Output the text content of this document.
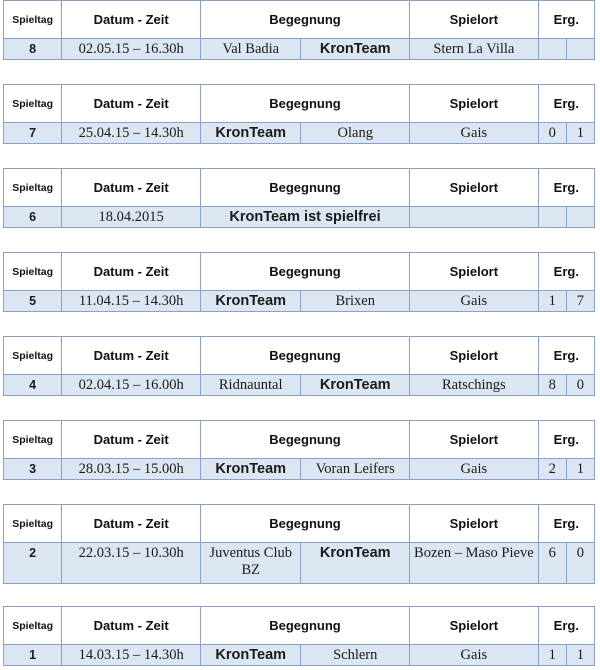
Spieltag	Datum - Zeit	Begegnung		Spielort	Erg.	
8	02.05.15 – 16.30h	Val Badia	KronTeam	Stern La Villa		
Spieltag	Datum - Zeit	Begegnung		Spielort	Erg.	
7	25.04.15 – 14.30h	KronTeam	Olang	Gais	0	1
Spieltag	Datum - Zeit	Begegnung	Spielort	Erg.	
6	18.04.2015	KronTeam ist spielfrei			
Spieltag	Datum - Zeit	Begegnung		Spielort	Erg.	
5	11.04.15 – 14.30h	KronTeam	Brixen	Gais	1	7
Spieltag	Datum - Zeit	Begegnung		Spielort	Erg.	
4	02.04.15 – 16.00h	Ridnauntal	KronTeam	Ratschings	8	0
Spieltag	Datum - Zeit	Begegnung		Spielort	Erg.	
3	28.03.15 – 15.00h	KronTeam	Voran Leifers	Gais	2	1
Spieltag	Datum - Zeit	Begegnung		Spielort	Erg.	
2	22.03.15 – 10.30h	Juventus Club BZ	KronTeam	Bozen – Maso Pieve	6	0
Spieltag	Datum - Zeit	Begegnung		Spielort	Erg.	
1	14.03.15 – 14.30h	KronTeam	Schlern	Gais	1	1
